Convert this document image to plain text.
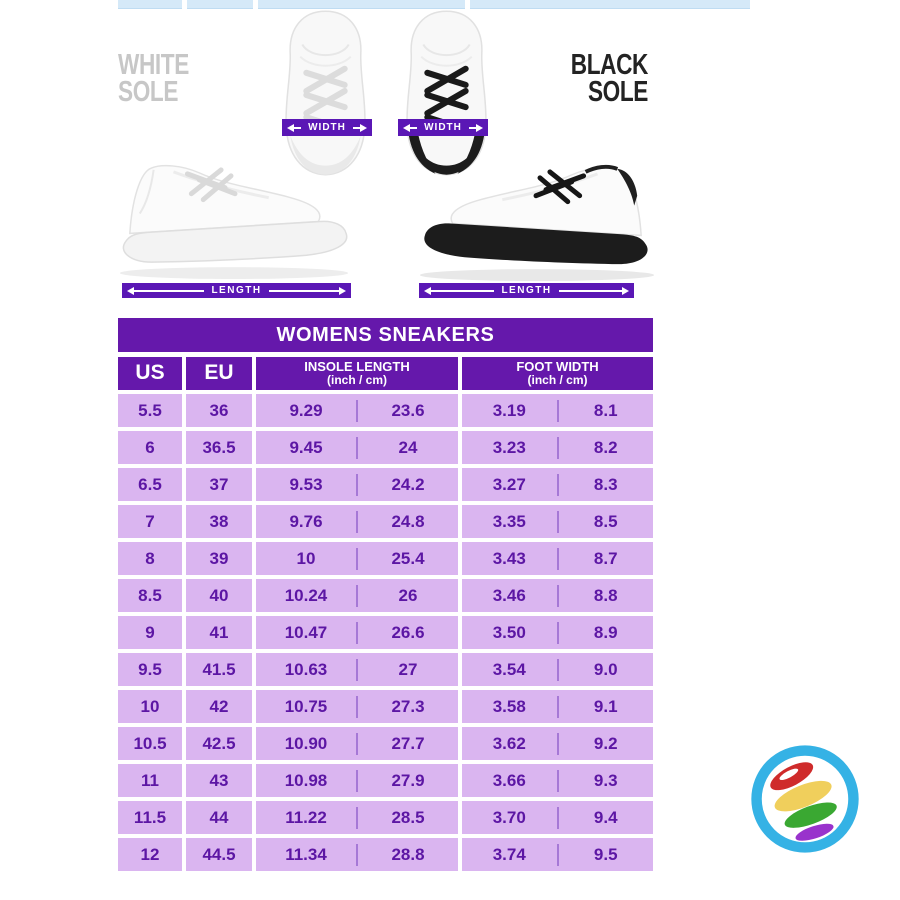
WIDTH	WIDTH
WHITE
SOLE
BLACK
SOLE
LENGTH	LENGTH
WOMENS SNEAKERS
US EU	INSOLE LENGTH
(inch / cm)
FOOT WIDTH
(inch / cm)
5.5	36	9.29	23.6	3.19	8.1
6	36.5	9.45	24	3.23	8.2
6.5	37	9.53	24.2	3.27	8.3
7	38	9.76	24.8	3.35	8.5
8	39	10	25.4	3.43	8.7
8.5	40	10.24	26	3.46	8.8
9	41	10.47	26.6	3.50	8.9
9.5	41.5	10.63	27	3.54	9.0
10	42	10.75	27.3	3.58	9.1
10.5	42.5	10.90	27.7	3.62	9.2
11	43	10.98	27.9	3.66	9.3
11.5	44	11.22	28.5	3.70	9.4
12	44.5	11.34	28.8	3.74	9.5
